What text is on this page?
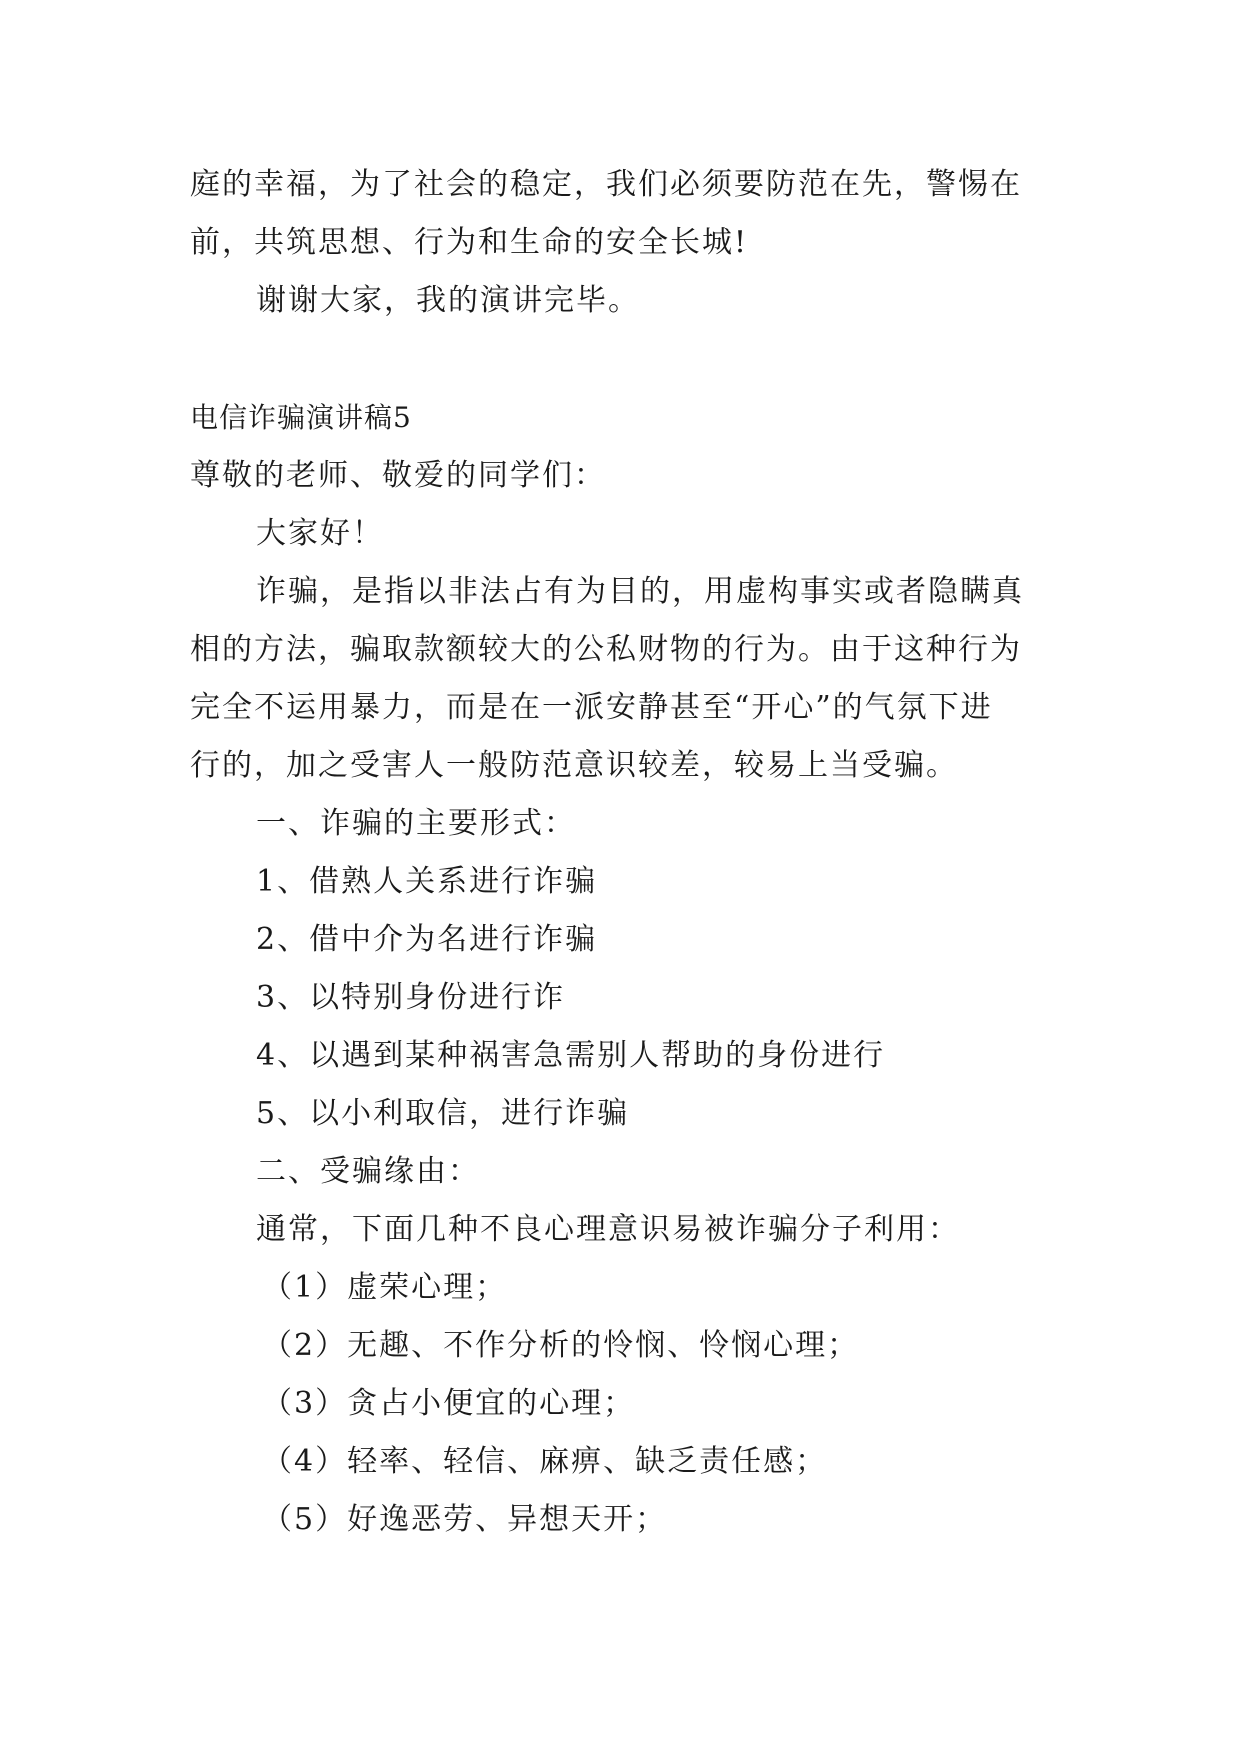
庭的幸福，为了社会的稳定，我们必须要防范在先，警惕在
前，共筑思想、行为和生命的安全长城!
谢谢大家，我的演讲完毕。
电信诈骗演讲稿5
尊敬的老师、敬爱的同学们：
大家好！
诈骗，是指以非法占有为目的，用虚构事实或者隐瞒真
相的方法，骗取款额较大的公私财物的行为。由于这种行为
完全不运用暴力，而是在一派安静甚至“开心”的气氛下进
行的，加之受害人一般防范意识较差，较易上当受骗。
一、诈骗的主要形式：
1、借熟人关系进行诈骗
2、借中介为名进行诈骗
3、以特别身份进行诈
4、以遇到某种祸害急需别人帮助的身份进行
5、以小利取信，进行诈骗
二、受骗缘由：
通常，下面几种不良心理意识易被诈骗分子利用：
（1）虚荣心理；
（2）无趣、不作分析的怜悯、怜悯心理；
（3）贪占小便宜的心理；
（4）轻率、轻信、麻痹、缺乏责任感；
（5）好逸恶劳、异想天开；
